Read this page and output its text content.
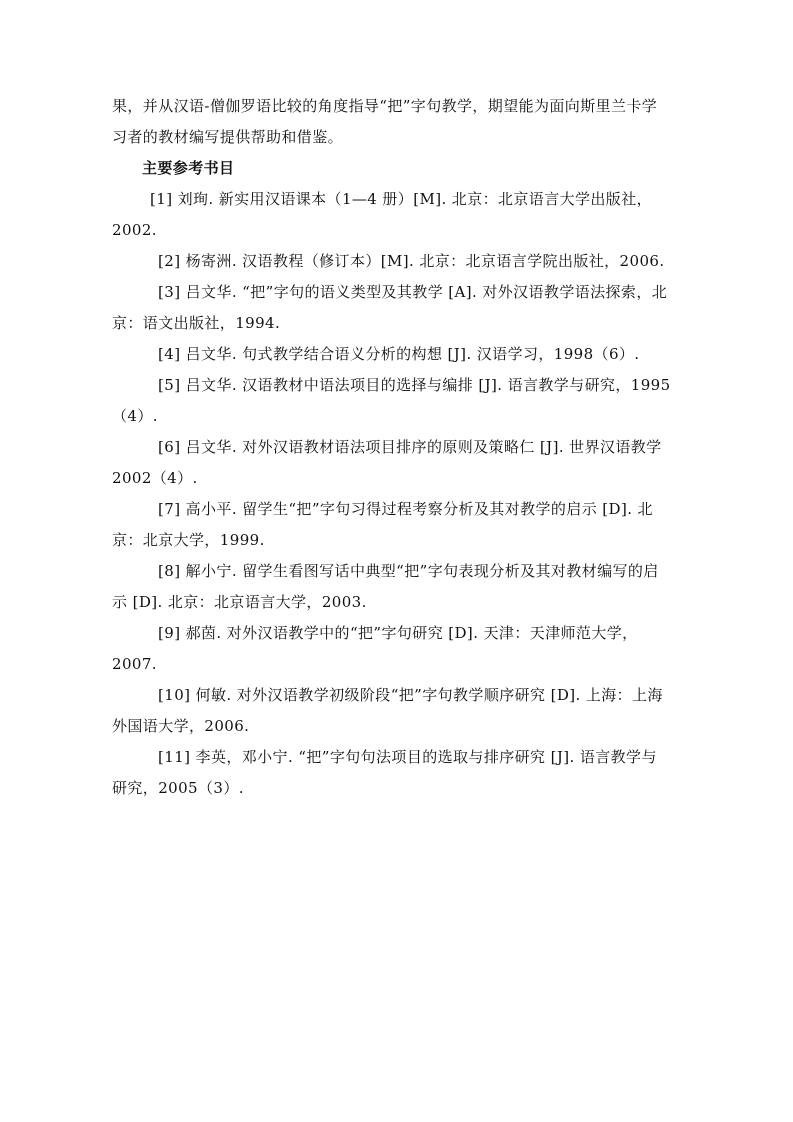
果，并从汉语-僧伽罗语比较的角度指导“把”字句教学，期望能为面向斯里兰卡学习者的教材编写提供帮助和借鉴。

主要参考书目

[1] 刘珣. 新实用汉语课本（1—4 册）[M]. 北京：北京语言大学出版社，2002.

[2] 杨寄洲. 汉语教程（修订本）[M]. 北京：北京语言学院出版社，2006.

[3] 吕文华. “把”字句的语义类型及其教学 [A]. 对外汉语教学语法探索，北京：语文出版社，1994.

[4] 吕文华. 句式教学结合语义分析的构想 [J]. 汉语学习，1998（6）.

[5] 吕文华. 汉语教材中语法项目的选择与编排 [J]. 语言教学与研究，1995（4）.

[6] 吕文华. 对外汉语教材语法项目排序的原则及策略仁 [J]. 世界汉语教学 2002（4）.

[7] 高小平. 留学生“把”字句习得过程考察分析及其对教学的启示 [D]. 北京：北京大学，1999.

[8] 解小宁. 留学生看图写话中典型“把”字句表现分析及其对教材编写的启示 [D]. 北京：北京语言大学，2003.

[9] 郝茵. 对外汉语教学中的“把”字句研究 [D]. 天津：天津师范大学，2007.

[10] 何敏. 对外汉语教学初级阶段“把”字句教学顺序研究 [D]. 上海：上海外国语大学，2006.

[11] 李英，邓小宁. “把”字句句法项目的选取与排序研究 [J]. 语言教学与研究，2005（3）.
